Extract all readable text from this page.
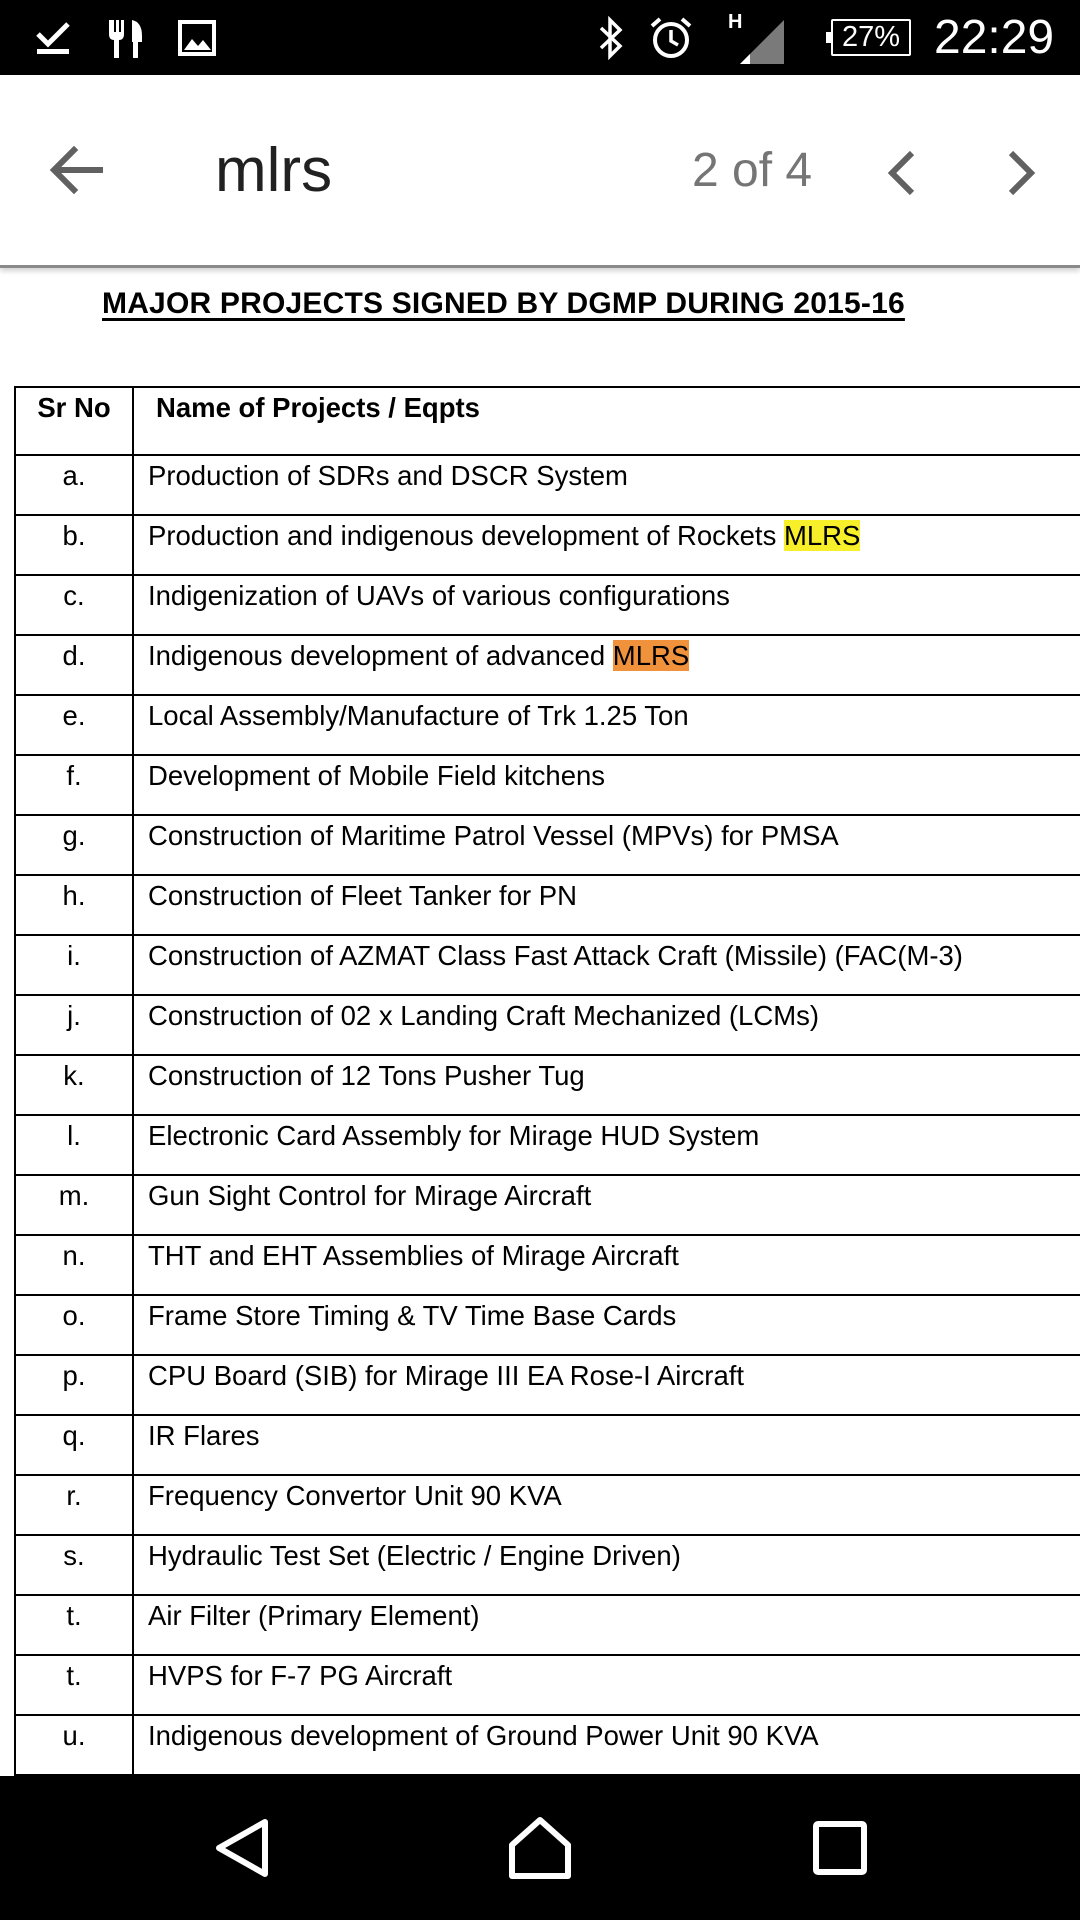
H	27% 22:29
mlrs	2 of 4
MAJOR PROJECTS SIGNED BY DGMP DURING 2015-16
Sr No	Name of Projects / Eqpts
a.	Production of SDRs and DSCR System
b.	Production and indigenous development of Rockets MLRS
c.	Indigenization of UAVs of various configurations
d.	Indigenous development of advanced MLRS
e.	Local Assembly/Manufacture of Trk 1.25 Ton
f.	Development of Mobile Field kitchens
g.	Construction of Maritime Patrol Vessel (MPVs) for PMSA
h.	Construction of Fleet Tanker for PN
i.	Construction of AZMAT Class Fast Attack Craft (Missile) (FAC(M-3)
j.	Construction of 02 x Landing Craft Mechanized (LCMs)
k.	Construction of 12 Tons Pusher Tug
l.	Electronic Card Assembly for Mirage HUD System
m.	Gun Sight Control for Mirage Aircraft
n.	THT and EHT Assemblies of Mirage Aircraft
o.	Frame Store Timing & TV Time Base Cards
p.	CPU Board (SIB) for Mirage III EA Rose-I Aircraft
q.	IR Flares
r.	Frequency Convertor Unit 90 KVA
s.	Hydraulic Test Set (Electric / Engine Driven)
t.	Air Filter (Primary Element)
t.	HVPS for F-7 PG Aircraft
u.	Indigenous development of Ground Power Unit 90 KVA
